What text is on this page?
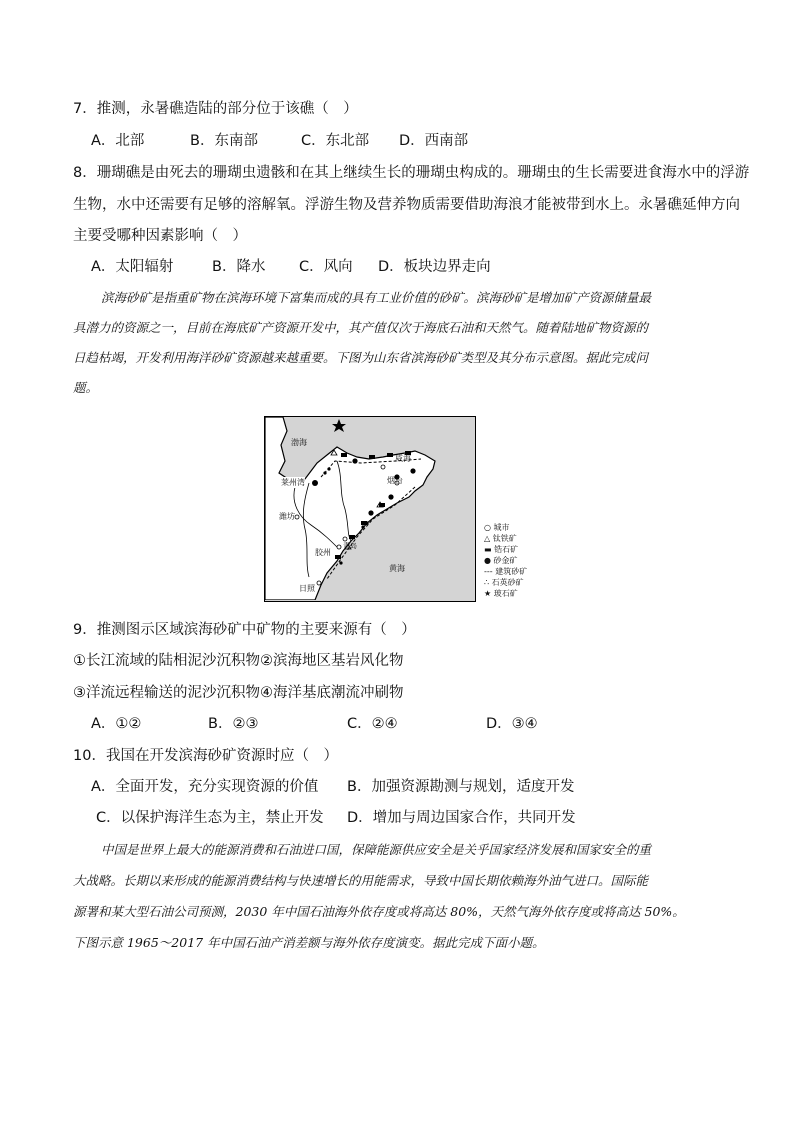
7．推测，永暑礁造陆的部分位于该礁（　）
A．北部	B．东南部	C．东北部 D．西南部
8．珊瑚礁是由死去的珊瑚虫遗骸和在其上继续生长的珊瑚虫构成的。珊瑚虫的生长需要进食海水中的浮游
生物，水中还需要有足够的溶解氧。浮游生物及营养物质需要借助海浪才能被带到水上。永暑礁延伸方向
主要受哪种因素影响（　）
A．太阳辐射	B．降水 C．风向 D．板块边界走向
滨海砂矿是指重矿物在滨海环境下富集而成的具有工业价值的砂矿。滨海砂矿是增加矿产资源储量最
具潜力的资源之一，目前在海底矿产资源开发中，其产值仅次于海底石油和天然气。随着陆地矿物资源的
日趋枯竭，开发利用海洋砂矿资源越来越重要。下图为山东省滨海砂矿类型及其分布示意图。据此完成问
题。
渤海
莱州湾
威海
烟台
潍坊
胶州
青岛
日照
黄海
○ 城市
△ 钛铁矿
▬ 锆石矿
● 砂金矿
--- 建筑砂矿
∴ 石英砂矿
★ 玻石矿
9．推测图示区域滨海砂矿中矿物的主要来源有（　）
①长江流域的陆相泥沙沉积物②滨海地区基岩风化物
③洋流远程输送的泥沙沉积物④海洋基底潮流冲刷物
A．①②	B．②③	C．②④	D．③④
10．我国在开发滨海砂矿资源时应（　）
A．全面开发，充分实现资源的价值 B．加强资源勘测与规划，适度开发
C．以保护海洋生态为主，禁止开发 D．增加与周边国家合作，共同开发
中国是世界上最大的能源消费和石油进口国，保障能源供应安全是关乎国家经济发展和国家安全的重
大战略。长期以来形成的能源消费结构与快速增长的用能需求，导致中国长期依赖海外油气进口。国际能
源署和某大型石油公司预测，2030 年中国石油海外依存度或将高达 80%，天然气海外依存度或将高达 50%。
下图示意 1965～2017 年中国石油产消差额与海外依存度演变。据此完成下面小题。
